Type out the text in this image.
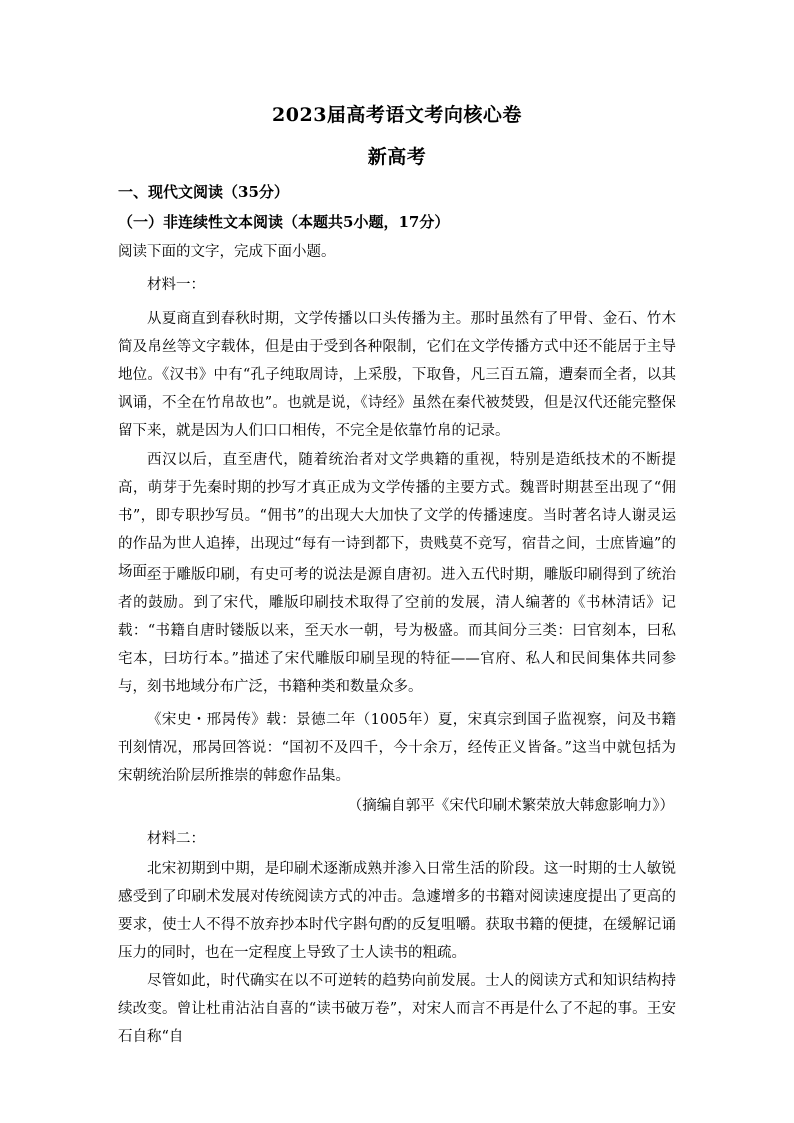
2023届高考语文考向核心卷
新高考
一、现代文阅读（35分）
（一）非连续性文本阅读（本题共5小题，17分）
阅读下面的文字，完成下面小题。
材料一：

从夏商直到春秋时期，文学传播以口头传播为主。那时虽然有了甲骨、金石、竹木简及帛丝等文字载体，但是由于受到各种限制，它们在文学传播方式中还不能居于主导地位。《汉书》中有“孔子纯取周诗，上采殷，下取鲁，凡三百五篇，遭秦而全者，以其讽诵，不全在竹帛故也”。也就是说，《诗经》虽然在秦代被焚毁，但是汉代还能完整保留下来，就是因为人们口口相传，不完全是依靠竹帛的记录。

西汉以后，直至唐代，随着统治者对文学典籍的重视，特别是造纸技术的不断提高，萌芽于先秦时期的抄写才真正成为文学传播的主要方式。魏晋时期甚至出现了“佣书”，即专职抄写员。“佣书”的出现大大加快了文学的传播速度。当时著名诗人谢灵运的作品为世人追捧，出现过“每有一诗到都下，贵贱莫不竞写，宿昔之间，士庶皆遍”的场面。

至于雕版印刷，有史可考的说法是源自唐初。进入五代时期，雕版印刷得到了统治者的鼓励。到了宋代，雕版印刷技术取得了空前的发展，清人编著的《书林清话》记载：“书籍自唐时镂版以来，至天水一朝，号为极盛。而其间分三类：曰官刻本，曰私宅本，曰坊行本。”描述了宋代雕版印刷呈现的特征——官府、私人和民间集体共同参与，刻书地域分布广泛，书籍种类和数量众多。

《宋史・邢昺传》载：景德二年（1005年）夏，宋真宗到国子监视察，问及书籍刊刻情况，邢昺回答说：“国初不及四千，今十余万，经传正义皆备。”这当中就包括为宋朝统治阶层所推崇的韩愈作品集。

（摘编自郭平《宋代印刷术繁荣放大韩愈影响力》）
材料二：

北宋初期到中期，是印刷术逐渐成熟并渗入日常生活的阶段。这一时期的士人敏锐感受到了印刷术发展对传统阅读方式的冲击。急遽增多的书籍对阅读速度提出了更高的要求，使士人不得不放弃抄本时代字斟句酌的反复咀嚼。获取书籍的便捷，在缓解记诵压力的同时，也在一定程度上导致了士人读书的粗疏。

尽管如此，时代确实在以不可逆转的趋势向前发展。士人的阅读方式和知识结构持续改变。曾让杜甫沾沾自喜的“读书破万卷”，对宋人而言不再是什么了不起的事。王安石自称“自
